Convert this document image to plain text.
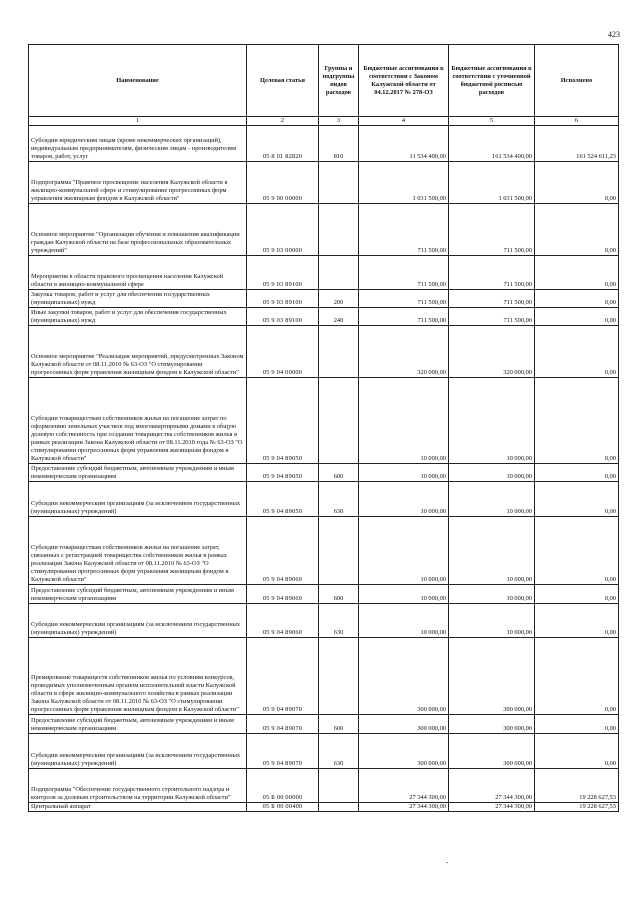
423
Наименование	Целевая статья	Группы и подгруппы видов расходов	Бюджетные ассигнования в соответствии с Законом Калужской области от 04.12.2017 № 278-ОЗ	Бюджетные ассигнования в соответствии с уточненной бюджетной росписью расходов	Исполнено
1	2	3	4	5	6
Субсидии юридическим лицам (кроме некоммерческих организаций), индивидуальным предпринимателям, физическим лицам - производителям товаров, работ, услуг	05 8 01 82820	810	11 534 400,00	161 534 400,00	161 524 611,23
Подпрограмма "Правовое просвещение населения Калужской области в жилищно-коммунальной сфере и стимулирование прогрессивных форм управления жилищным фондом в Калужской области"	05 9 00 00000		1 031 500,00	1 031 500,00	0,00
Основное мероприятие "Организация обучения и повышения квалификации граждан Калужской области на базе профессиональных образовательных учреждений"	05 9 03 00000		711 500,00	711 500,00	0,00
Мероприятия в области правового просвещения населения Калужской области в жилищно-коммунальной сфере	05 9 03 89100		711 500,00	711 500,00	0,00
Закупка товаров, работ и услуг для обеспечения государственных (муниципальных) нужд	05 9 03 89100	200	711 500,00	711 500,00	0,00
Иные закупки товаров, работ и услуг для обеспечения государственных (муниципальных) нужд	05 9 03 89100	240	711 500,00	711 500,00	0,00
Основное мероприятие "Реализация мероприятий, предусмотренных Законом Калужской области от 08.11.2010 № 63-ОЗ "О стимулировании прогрессивных форм управления жилищным фондом в Калужской области"	05 9 04 00000		320 000,00	320 000,00	0,00
Субсидии товариществам собственников жилья на погашение затрат по оформлению земельных участков под многоквартирными домами в общую долевую собственность при создании товарищества собственников жилья в рамках реализации Закона Калужской области от 08.11.2010 года № 63-ОЗ "О стимулировании прогрессивных форм управления жилищным фондом в Калужской области"	05 9 04 89050		10 000,00	10 000,00	0,00
Предоставление субсидий бюджетным, автономным учреждениям и иным некоммерческим организациям	05 9 04 89050	600	10 000,00	10 000,00	0,00
Субсидии некоммерческим организациям (за исключением государственных (муниципальных) учреждений)	05 9 04 89050	630	10 000,00	10 000,00	0,00
Субсидии товариществам собственников жилья на погашение затрат, связанных с регистрацией товарищества собственников жилья в рамках реализации Закона Калужской области от 08.11.2010 № 63-ОЗ "О стимулировании прогрессивных форм управления жилищным фондом в Калужской области"	05 9 04 89060		10 000,00	10 000,00	0,00
Предоставление субсидий бюджетным, автономным учреждениям и иным некоммерческим организациям	05 9 04 89060	600	10 000,00	10 000,00	0,00
Субсидии некоммерческим организациям (за исключением государственных (муниципальных) учреждений)	05 9 04 89060	630	10 000,00	10 000,00	0,00
Премирование товариществ собственников жилья по условиям конкурсов, проводимых уполномоченным органом исполнительной власти Калужской области в сфере жилищно-коммунального хозяйства в рамках реализации Закона Калужской области от 08.11.2010 № 63-ОЗ "О стимулировании прогрессивных форм управления жилищным фондом в Калужской области"	05 9 04 89070		300 000,00	300 000,00	0,00
Предоставление субсидий бюджетным, автономным учреждениям и иным некоммерческим организациям	05 9 04 89070	600	300 000,00	300 000,00	0,00
Субсидии некоммерческим организациям (за исключением государственных (муниципальных) учреждений)	05 9 04 89070	630	300 000,00	300 000,00	0,00
Подпрограмма "Обеспечение государственного строительного надзора и контроля за долевым строительством на территории Калужской области"	05 Б 00 00000		27 344 300,00	27 344 300,00	19 228 627,53
Центральный аппарат	05 Б 00 00400		27 344 300,00	27 344 300,00	19 228 627,53
